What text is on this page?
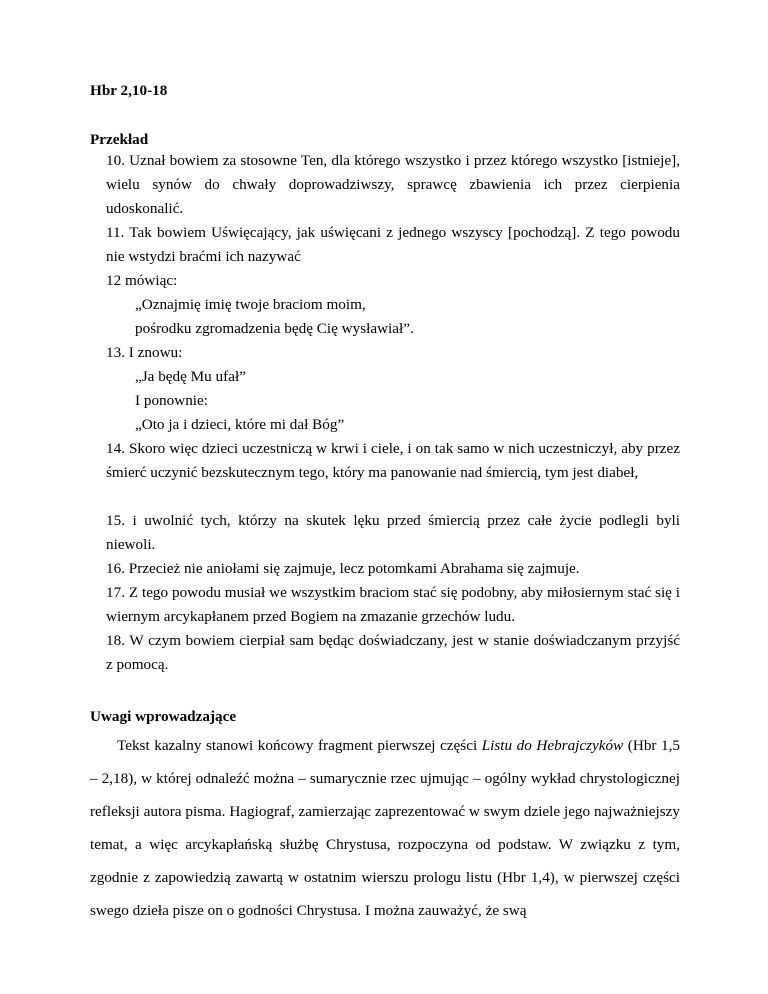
Hbr 2,10-18
Przekład
10. Uznał bowiem za stosowne Ten, dla którego wszystko i przez którego wszystko [istnieje], wielu synów do chwały doprowadziwszy, sprawcę zbawienia ich przez cierpienia udoskonalić.
11. Tak bowiem Uświęcający, jak uświęcani z jednego wszyscy [pochodzą]. Z tego powodu nie wstydzi braćmi ich nazywać
12 mówiąc:
„Oznajmię imię twoje braciom moim,
pośrodku zgromadzenia będę Cię wysławiał”.
13. I znowu:
„Ja będę Mu ufał”
I ponownie:
„Oto ja i dzieci, które mi dał Bóg”
14. Skoro więc dzieci uczestniczą w krwi i ciele, i on tak samo w nich uczestniczył, aby przez śmierć uczynić bezskutecznym tego, który ma panowanie nad śmiercią, tym jest diabeł,
15. i uwolnić tych, którzy na skutek lęku przed śmiercią przez całe życie podlegli byli niewoli.
16. Przecież nie aniołami się zajmuje, lecz potomkami Abrahama się zajmuje.
17. Z tego powodu musiał we wszystkim braciom stać się podobny, aby miłosiernym stać się i wiernym arcykapłanem przed Bogiem na zmazanie grzechów ludu.
18. W czym bowiem cierpiał sam będąc doświadczany, jest w stanie doświadczanym przyjść z pomocą.
Uwagi wprowadzające
Tekst kazalny stanowi końcowy fragment pierwszej części Listu do Hebrajczyków (Hbr 1,5 – 2,18), w której odnaleźć można – sumarycznie rzec ujmując – ogólny wykład chrystologicznej refleksji autora pisma. Hagiograf, zamierzając zaprezentować w swym dziele jego najważniejszy temat, a więc arcykapłańską służbę Chrystusa, rozpoczyna od podstaw. W związku z tym, zgodnie z zapowiedzią zawartą w ostatnim wierszu prologu listu (Hbr 1,4), w pierwszej części swego dzieła pisze on o godności Chrystusa. I można zauważyć, że swą
